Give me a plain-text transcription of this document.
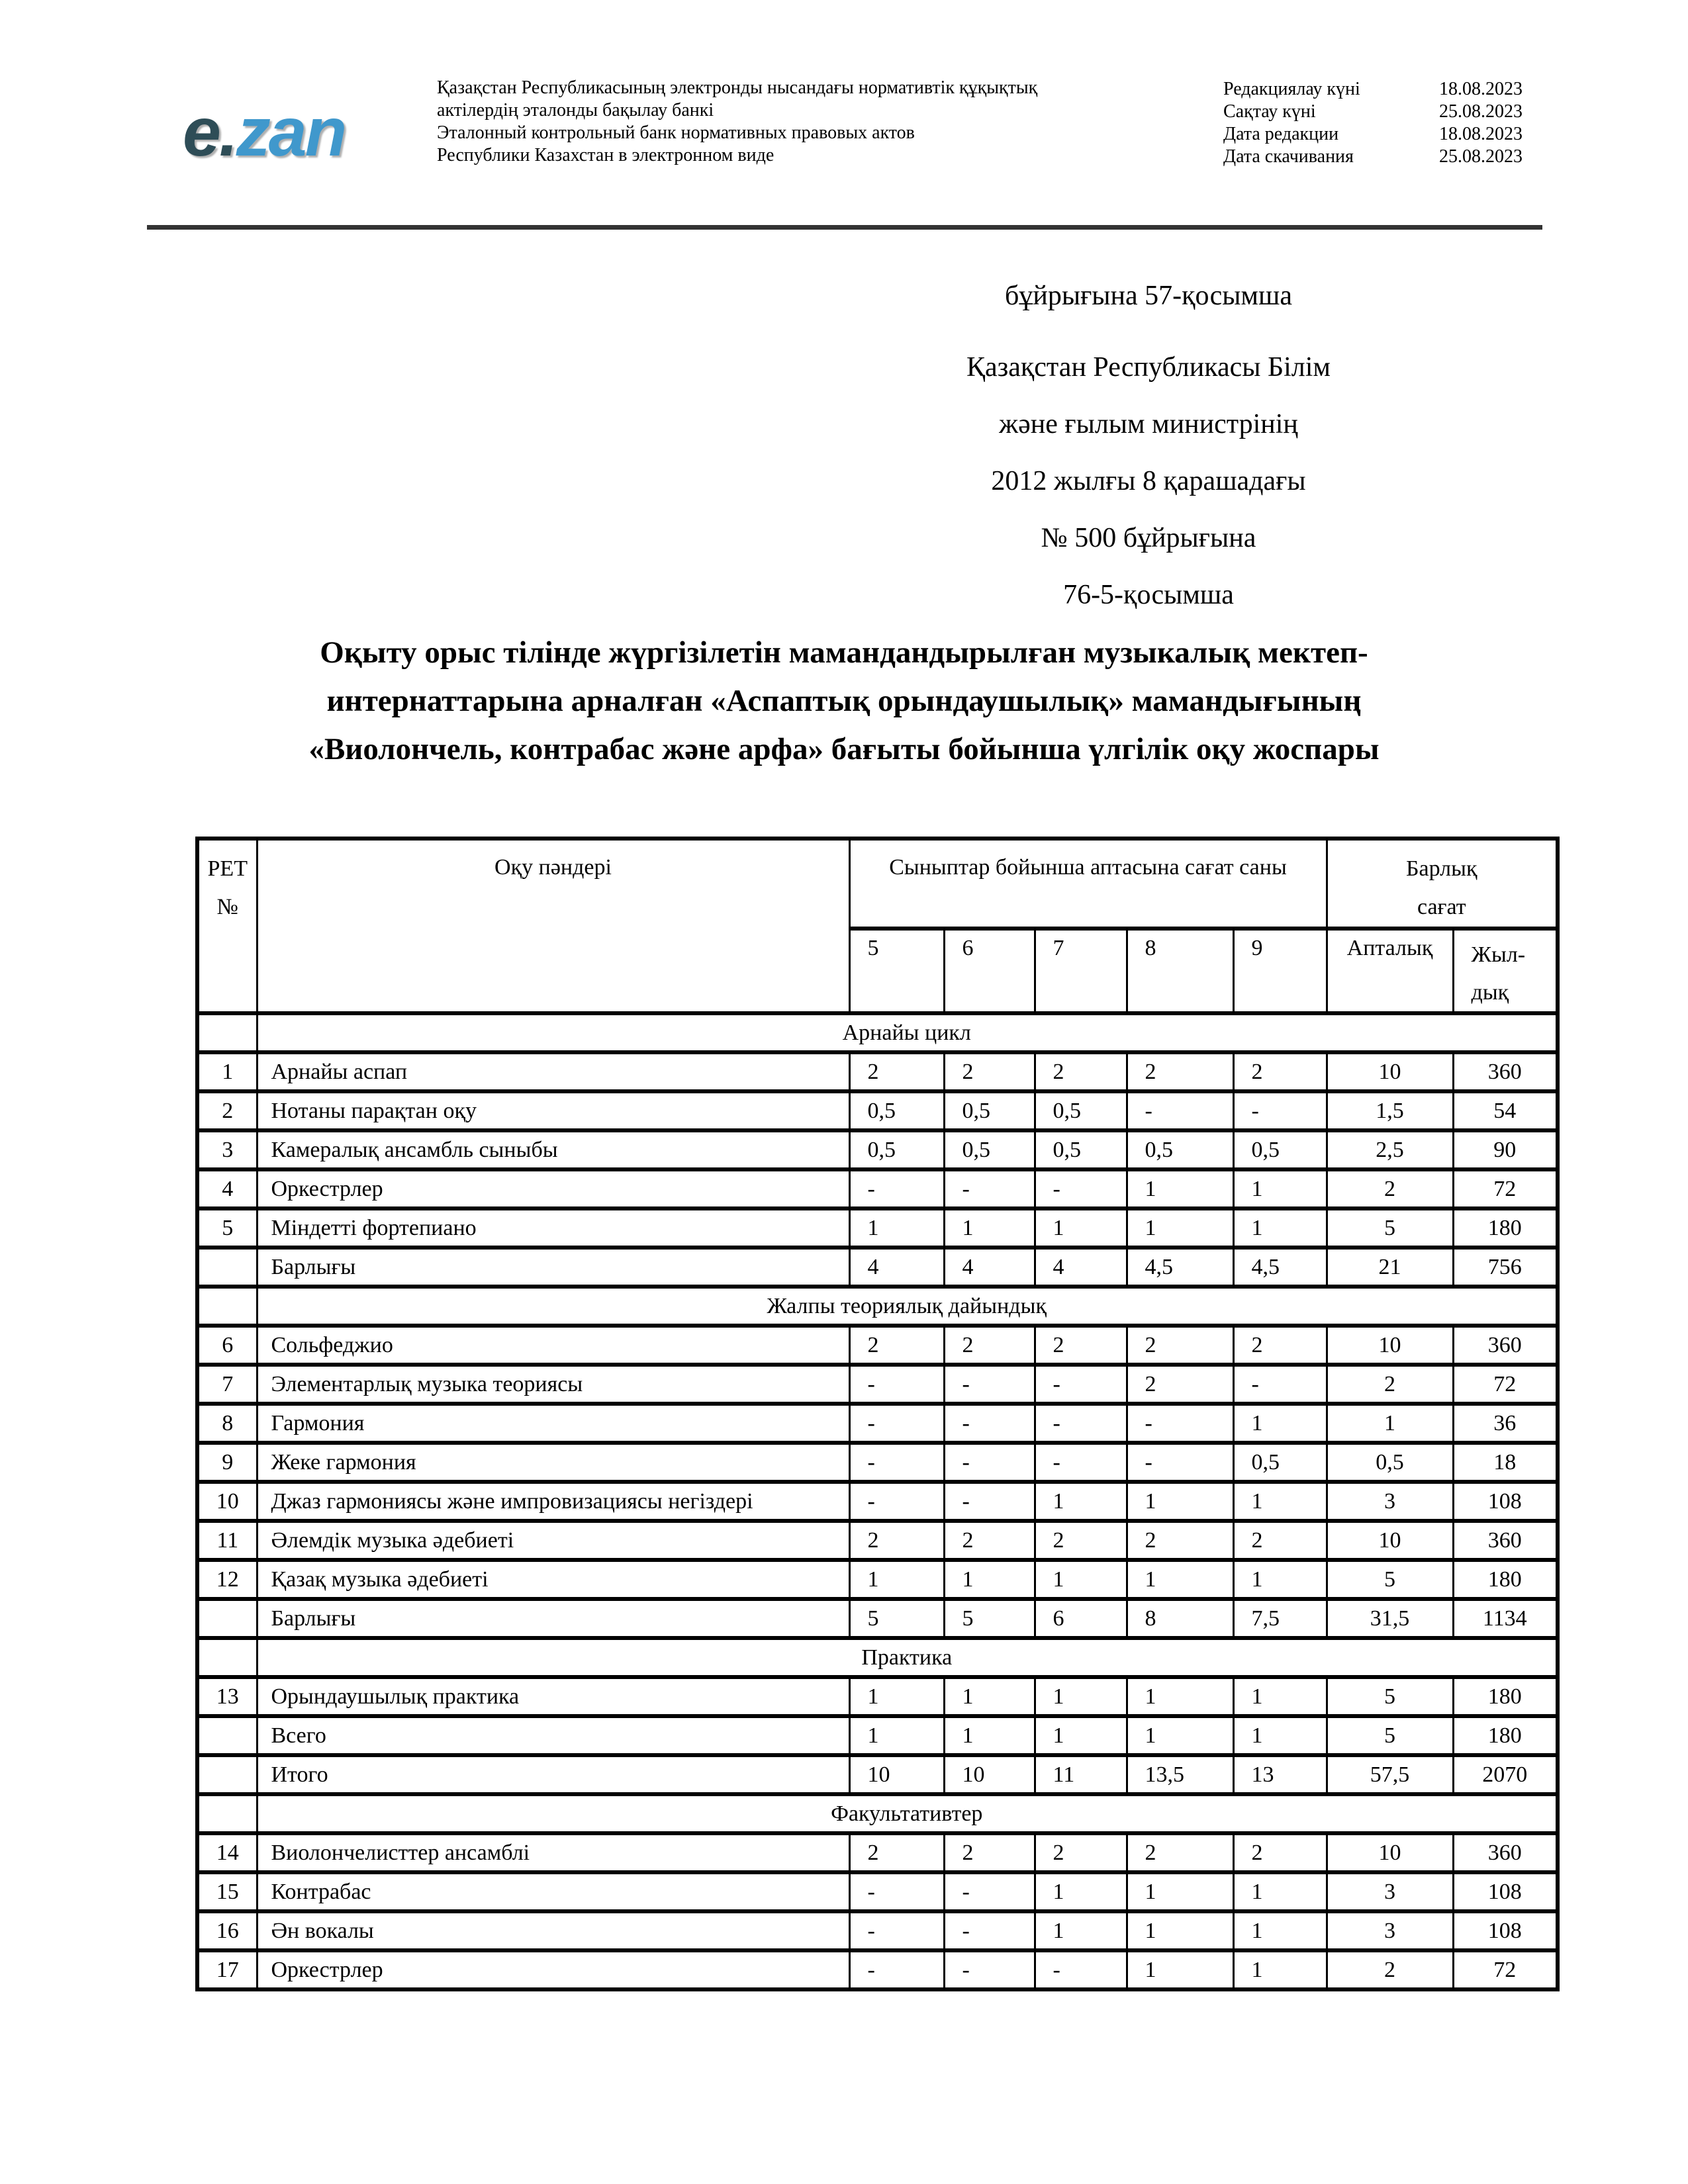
e.zan
Қазақстан Республикасының электронды нысандағы нормативтік құқықтық
актілердің эталонды бақылау банкі
Эталонный контрольный банк нормативных правовых актов
Республики Казахстан в электронном виде
Редакциялау күні	18.08.2023
Сақтау күні	25.08.2023
Дата редакции	18.08.2023
Дата скачивания	25.08.2023
бұйрығына 57-қосымша
Қазақстан Республикасы Білім
және ғылым министрінің
2012 жылғы 8 қарашадағы
№ 500 бұйрығына
76-5-қосымша
Оқыту орыс тілінде жүргізілетін мамандандырылған музыкалық мектеп-
интернаттарына арналған «Аспаптық орындаушылық» мамандығының
«Виолончель, контрабас және арфа» бағыты бойынша үлгілік оқу жоспары
РЕТ
№	Оқу пәндері	Сыныптар бойынша аптасына сағат саны					Барлық
сағат	
		5	6	7	8	9	Апталық	Жыл-
дық
	Арнайы цикл							
1	Арнайы аспап	2	2	2	2	2	10	360
2	Нотаны парақтан оқу	0,5	0,5	0,5	-	-	1,5	54
3	Камералық ансамбль сыныбы	0,5	0,5	0,5	0,5	0,5	2,5	90
4	Оркестрлер	-	-	-	1	1	2	72
5	Міндетті фортепиано	1	1	1	1	1	5	180
	Барлығы	4	4	4	4,5	4,5	21	756
	Жалпы теориялық дайындық							
6	Сольфеджио	2	2	2	2	2	10	360
7	Элементарлық музыка теориясы	-	-	-	2	-	2	72
8	Гармония	-	-	-	-	1	1	36
9	Жеке гармония	-	-	-	-	0,5	0,5	18
10	Джаз гармониясы және импровизациясы негіздері	-	-	1	1	1	3	108
11	Әлемдік музыка әдебиеті	2	2	2	2	2	10	360
12	Қазақ музыка әдебиеті	1	1	1	1	1	5	180
	Барлығы	5	5	6	8	7,5	31,5	1134
	Практика							
13	Орындаушылық практика	1	1	1	1	1	5	180
	Всего	1	1	1	1	1	5	180
	Итого	10	10	11	13,5	13	57,5	2070
	Факультативтер							
14	Виолончелисттер ансамблі	2	2	2	2	2	10	360
15	Контрабас	-	-	1	1	1	3	108
16	Ән вокалы	-	-	1	1	1	3	108
17	Оркестрлер	-	-	-	1	1	2	72
